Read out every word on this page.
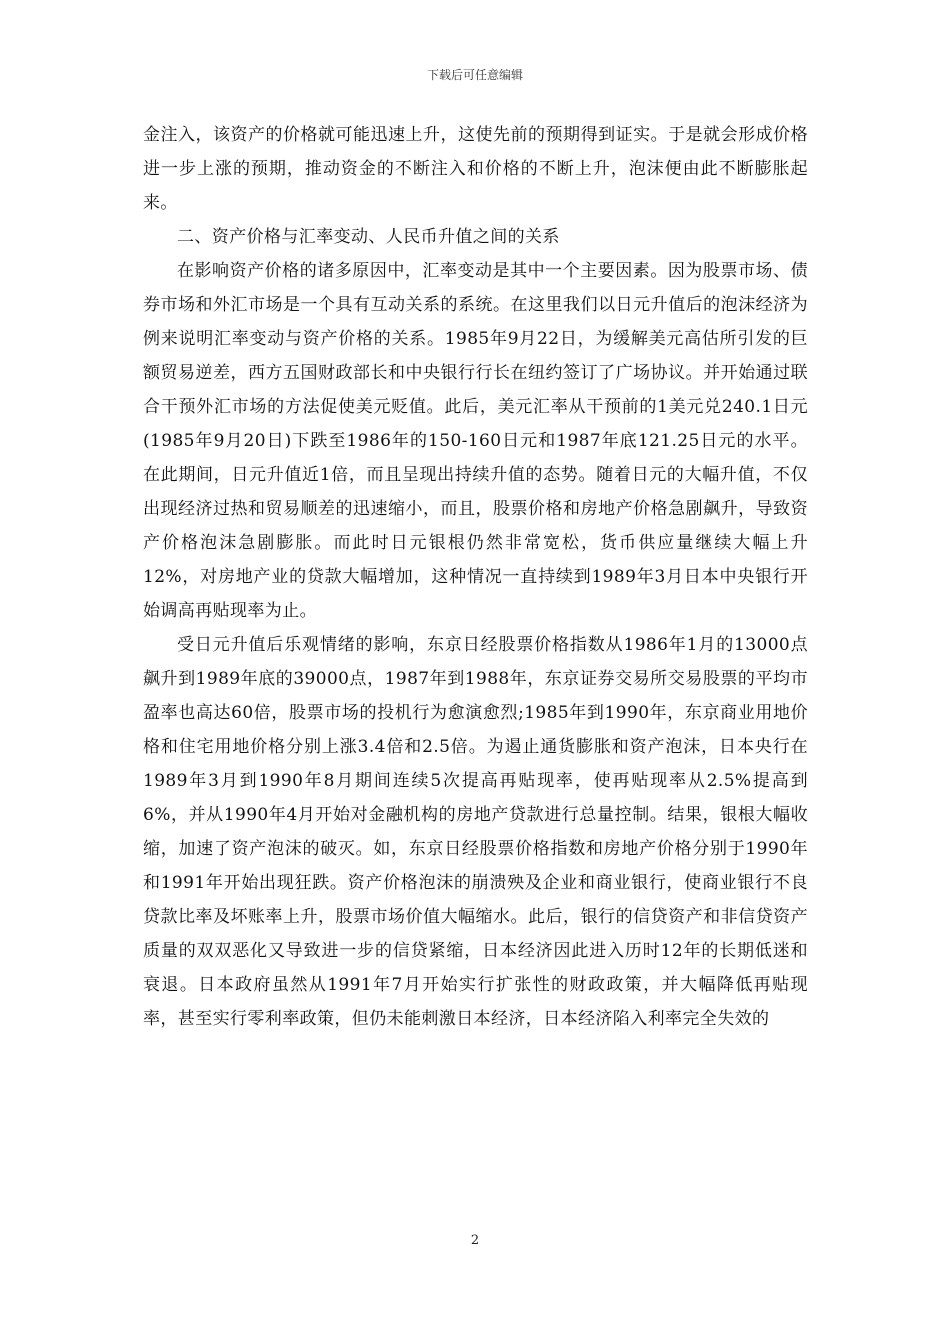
下载后可任意编辑

金注入，该资产的价格就可能迅速上升，这使先前的预期得到证实。于是就会形成价格进一步上涨的预期，推动资金的不断注入和价格的不断上升，泡沫便由此不断膨胀起来。

二、资产价格与汇率变动、人民币升值之间的关系

在影响资产价格的诸多原因中，汇率变动是其中一个主要因素。因为股票市场、债券市场和外汇市场是一个具有互动关系的系统。在这里我们以日元升值后的泡沫经济为例来说明汇率变动与资产价格的关系。1985年9月22日，为缓解美元高估所引发的巨额贸易逆差，西方五国财政部长和中央银行行长在纽约签订了广场协议。并开始通过联合干预外汇市场的方法促使美元贬值。此后，美元汇率从干预前的1美元兑240.1日元(1985年9月20日)下跌至1986年的150-160日元和1987年底121.25日元的水平。在此期间，日元升值近1倍，而且呈现出持续升值的态势。随着日元的大幅升值，不仅出现经济过热和贸易顺差的迅速缩小，而且，股票价格和房地产价格急剧飙升，导致资产价格泡沫急剧膨胀。而此时日元银根仍然非常宽松，货币供应量继续大幅上升12%，对房地产业的贷款大幅增加，这种情况一直持续到1989年3月日本中央银行开始调高再贴现率为止。

受日元升值后乐观情绪的影响，东京日经股票价格指数从1986年1月的13000点飙升到1989年底的39000点，1987年到1988年，东京证券交易所交易股票的平均市盈率也高达60倍，股票市场的投机行为愈演愈烈;1985年到1990年，东京商业用地价格和住宅用地价格分别上涨3.4倍和2.5倍。为遏止通货膨胀和资产泡沫，日本央行在1989年3月到1990年8月期间连续5次提高再贴现率，使再贴现率从2.5%提高到6%，并从1990年4月开始对金融机构的房地产贷款进行总量控制。结果，银根大幅收缩，加速了资产泡沫的破灭。如，东京日经股票价格指数和房地产价格分别于1990年和1991年开始出现狂跌。资产价格泡沫的崩溃殃及企业和商业银行，使商业银行不良贷款比率及坏账率上升，股票市场价值大幅缩水。此后，银行的信贷资产和非信贷资产质量的双双恶化又导致进一步的信贷紧缩，日本经济因此进入历时12年的长期低迷和衰退。日本政府虽然从1991年7月开始实行扩张性的财政政策，并大幅降低再贴现率，甚至实行零利率政策，但仍未能刺激日本经济，日本经济陷入利率完全失效的

2
